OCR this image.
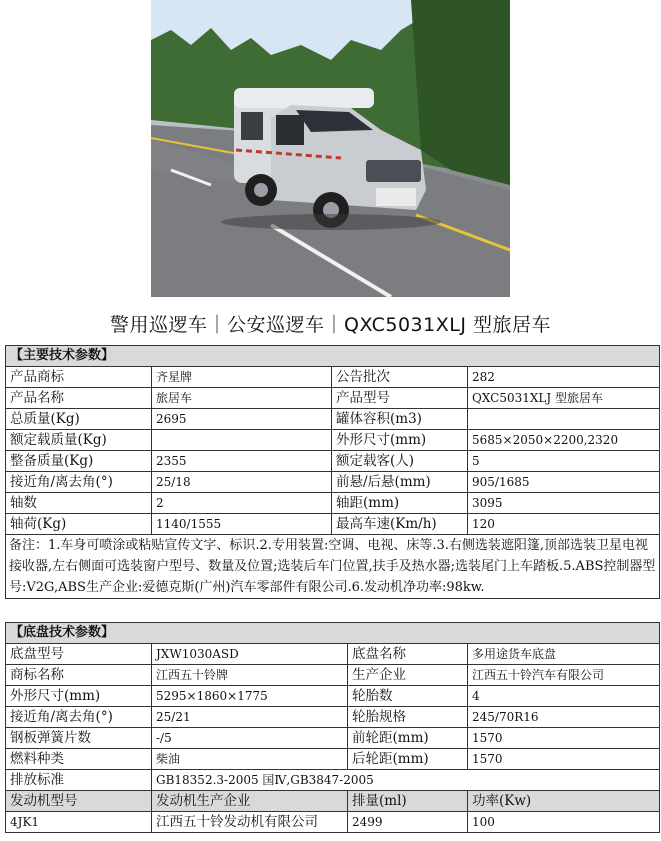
警用巡逻车｜公安巡逻车｜QXC5031XLJ 型旅居车
【主要技术参数】			
产品商标	齐星牌	公告批次	282
产品名称	旅居车	产品型号	QXC5031XLJ 型旅居车
总质量(Kg)	2695	罐体容积(m3)	
额定载质量(Kg)		外形尺寸(mm)	5685×2050×2200,2320
整备质量(Kg)	2355	额定载客(人)	5
接近角/离去角(°)	25/18	前悬/后悬(mm)	905/1685
轴数	2	轴距(mm)	3095
轴荷(Kg)	1140/1555	最高车速(Km/h)	120
备注：1.车身可喷涂或粘贴宣传文字、标识.2.专用装置:空调、电视、床等.3.右侧选装遮阳篷,顶部选装卫星电视接收器,左右侧面可选装窗户型号、数量及位置;选装后车门位置,扶手及热水器;选装尾门上车踏板.5.ABS控制器型号:V2G,ABS生产企业:爱德克斯(广州)汽车零部件有限公司.6.发动机净功率:98kw.			
【底盘技术参数】			
底盘型号	JXW1030ASD	底盘名称	多用途货车底盘
商标名称	江西五十铃牌	生产企业	江西五十铃汽车有限公司
外形尺寸(mm)	5295×1860×1775	轮胎数	4
接近角/离去角(°)	25/21	轮胎规格	245/70R16
钢板弹簧片数	-/5	前轮距(mm)	1570
燃料种类	柴油	后轮距(mm)	1570
排放标准	GB18352.3-2005 国Ⅳ,GB3847-2005		
发动机型号	发动机生产企业	排量(ml)	功率(Kw)
4JK1	江西五十铃发动机有限公司	2499	100
